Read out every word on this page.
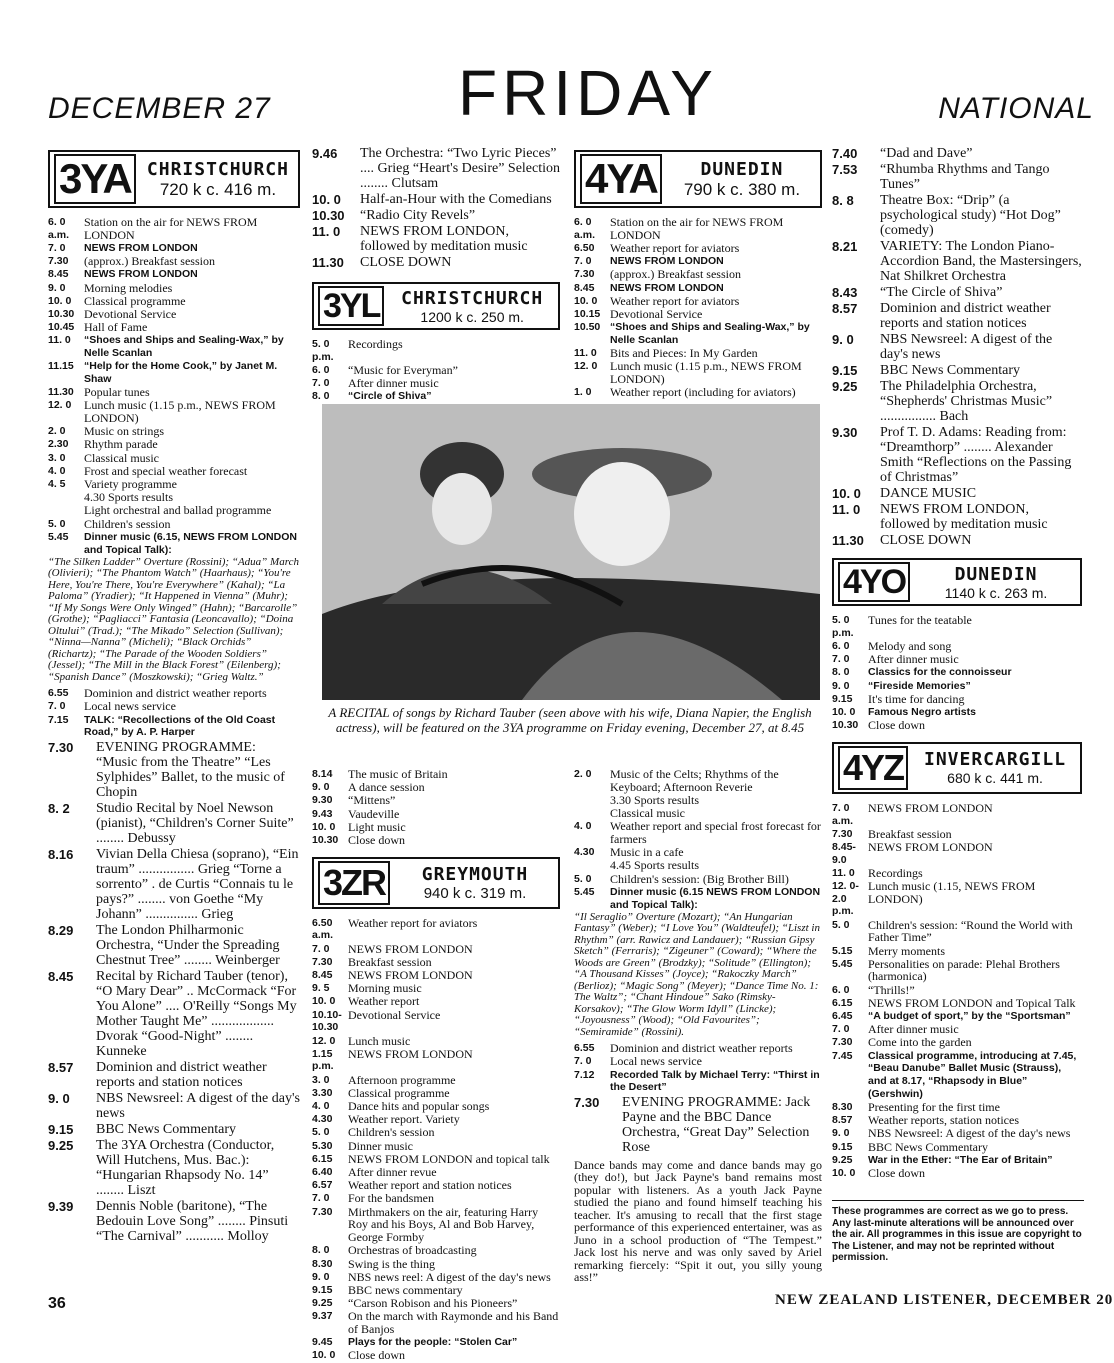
DECEMBER 27	FRIDAY	NATIONAL
3YA CHRISTCHURCH
720 k c. 416 m.
6. 0 a.m.
Station on the air for NEWS FROM LONDON
7. 0	NEWS FROM LONDON
7.30	(approx.) Breakfast session
8.45	NEWS FROM LONDON
9. 0	Morning melodies
10. 0	Classical programme
10.30 Devotional Service
10.45 Hall of Fame
11. 0	“Shoes and Ships and Sealing-Wax,” by Nelle Scanlan
11.15 “Help for the Home Cook,” by Janet M. Shaw
11.30 Popular tunes
12. 0	Lunch music (1.15 p.m., NEWS FROM LONDON)
2. 0	Music on strings
2.30	Rhythm parade
3. 0	Classical music
4. 0	Frost and special weather forecast
4. 5	Variety programme
4.30 Sports results
Light orchestral and ballad programme
5. 0	Children's session
5.45	Dinner music (6.15, NEWS FROM LONDON and Topical Talk):
“The Silken Ladder” Overture (Rossini); “Adua” March (Olivieri); “The Phantom Watch” (Haarhaus); “You're Here, You're There, You're Everywhere” (Kahal); “La Paloma” (Yradier); “It Happened in Vienna” (Muhr); “If My Songs Were Only Winged” (Hahn); “Barcarolle” (Grothe); “Pagliacci” Fantasia (Leoncavallo); “Doina Oltului” (Trad.); “The Mikado” Selection (Sullivan); “Ninna—Nanna” (Micheli); “Black Orchids” (Richartz); “The Parade of the Wooden Soldiers” (Jessel); “The Mill in the Black Forest” (Eilenberg); “Spanish Dance” (Moszkowski); “Grieg Waltz.”
6.55	Dominion and district weather reports
7. 0	Local news service
7.15	TALK: “Recollections of the Old Coast Road,” by A. P. Harper
7.30	EVENING PROGRAMME: “Music from the Theatre” “Les Sylphides” Ballet, to the music of Chopin
8. 2	Studio Recital by Noel Newson (pianist), “Children's Corner Suite” ........ Debussy
8.16	Vivian Della Chiesa (soprano), “Ein traum” ................ Grieg “Torne a sorrento” . de Curtis “Connais tu le pays?” ........ von Goethe “My Johann” ............... Grieg
8.29	The London Philharmonic Orchestra, “Under the Spreading Chestnut Tree” ........ Weinberger
8.45	Recital by Richard Tauber (tenor), “O Mary Dear” .. McCormack “For You Alone” .... O'Reilly “Songs My Mother Taught Me” .................. Dvorak “Good-Night” ........ Kunneke
8.57	Dominion and district weather reports and station notices
9. 0	NBS Newsreel: A digest of the day's news
9.15	BBC News Commentary
9.25	The 3YA Orchestra (Conductor, Will Hutchens, Mus. Bac.): “Hungarian Rhapsody No. 14” ........ Liszt
9.39	Dennis Noble (baritone), “The Bedouin Love Song” ........ Pinsuti “The Carnival” ........... Molloy
9.46	The Orchestra: “Two Lyric Pieces” .... Grieg “Heart's Desire” Selection ........ Clutsam
10. 0	Half-an-Hour with the Comedians
10.30	“Radio City Revels”
11. 0	NEWS FROM LONDON, followed by meditation music
11.30	CLOSE DOWN
3YL	CHRISTCHURCH
1200 k c. 250 m.
5. 0 p.m.
Recordings
6. 0	“Music for Everyman”
7. 0	After dinner music
8. 0	“Circle of Shiva”
4YA	DUNEDIN
790 k c. 380 m.
6. 0 a.m.
Station on the air for NEWS FROM LONDON
6.50	Weather report for aviators
7. 0	NEWS FROM LONDON
7.30	(approx.) Breakfast session
8.45	NEWS FROM LONDON
10. 0	Weather report for aviators
10.15 Devotional Service
10.50 “Shoes and Ships and Sealing-Wax,” by Nelle Scanlan
11. 0	Bits and Pieces: In My Garden
12. 0	Lunch music (1.15 p.m., NEWS FROM LONDON)
1. 0	Weather report (including for aviators)
A RECITAL of songs by Richard Tauber (seen above with his wife, Diana Napier, the English actress), will be featured on the 3YA programme on Friday evening, December 27, at 8.45
8.14	The music of Britain
9. 0	A dance session
9.30	“Mittens”
9.43	Vaudeville
10. 0	Light music
10.30 Close down
3ZR	GREYMOUTH
940 k c. 319 m.
6.50 a.m.
Weather report for aviators
7. 0	NEWS FROM LONDON
7.30	Breakfast session
8.45	NEWS FROM LONDON
9. 5	Morning music
10. 0	Weather report
10.10-10.30
Devotional Service
12. 0	Lunch music
1.15 p.m.
NEWS FROM LONDON
3. 0	Afternoon programme
3.30	Classical programme
4. 0	Dance hits and popular songs
4.30	Weather report. Variety
5. 0	Children's session
5.30	Dinner music
6.15	NEWS FROM LONDON and topical talk
6.40	After dinner revue
6.57	Weather report and station notices
7. 0	For the bandsmen
7.30	Mirthmakers on the air, featuring Harry Roy and his Boys, Al and Bob Harvey, George Formby
8. 0	Orchestras of broadcasting
8.30	Swing is the thing
9. 0	NBS news reel: A digest of the day's news
9.15	BBC news commentary
9.25	“Carson Robison and his Pioneers”
9.37	On the march with Raymonde and his Band of Banjos
9.45	Plays for the people: “Stolen Car”
10. 0	Close down
2. 0	Music of the Celts; Rhythms of the Keyboard; Afternoon Reverie
3.30 Sports results
Classical music
4. 0	Weather report and special frost forecast for farmers
4.30	Music in a cafe
4.45 Sports results
5. 0	Children's session: (Big Brother Bill)
5.45	Dinner music (6.15 NEWS FROM LONDON and Topical Talk):
“Il Seraglio” Overture (Mozart); “An Hungarian Fantasy” (Weber); “I Love You” (Waldteufel); “Liszt in Rhythm” (arr. Rawicz and Landauer); “Russian Gipsy Sketch” (Ferraris); “Zigeuner” (Coward); “Where the Woods are Green” (Brodzky); “Solitude” (Ellington); “A Thousand Kisses” (Joyce); “Rakoczky March” (Berlioz); “Magic Song” (Meyer); “Dance Time No. 1: The Waltz”; “Chant Hindoue” Sako (Rimsky-Korsakov); “The Glow Worm Idyll” (Lincke); “Joyousness” (Wood); “Old Favourites”; “Semiramide” (Rossini).
6.55	Dominion and district weather reports
7. 0	Local news service
7.12	Recorded Talk by Michael Terry: “Thirst in the Desert”
7.30	EVENING PROGRAMME: Jack Payne and the BBC Dance Orchestra, “Great Day” Selection Rose
Dance bands may come and dance bands may go (they do!), but Jack Payne's band remains most popular with listeners. As a youth Jack Payne studied the piano and found himself teaching his teacher. It's amusing to recall that the first stage performance of this experienced entertainer, was as Juno in a school production of “The Tempest.” Jack lost his nerve and was only saved by Ariel remarking fiercely: “Spit it out, you silly young ass!”
7.40	“Dad and Dave”
7.53	“Rhumba Rhythms and Tango Tunes”
8. 8	Theatre Box: “Drip” (a psychological study) “Hot Dog” (comedy)
8.21	VARIETY: The London Piano-Accordion Band, the Mastersingers, Nat Shilkret Orchestra
8.43	“The Circle of Shiva”
8.57	Dominion and district weather reports and station notices
9. 0	NBS Newsreel: A digest of the day's news
9.15	BBC News Commentary
9.25	The Philadelphia Orchestra, “Shepherds' Christmas Music” ................ Bach
9.30	Prof T. D. Adams: Reading from: “Dreamthorp” ........ Alexander Smith “Reflections on the Passing of Christmas”
10. 0	DANCE MUSIC
11. 0	NEWS FROM LONDON, followed by meditation music
11.30	CLOSE DOWN
4YO	DUNEDIN
1140 k c. 263 m.
5. 0 p.m.
Tunes for the teatable
6. 0	Melody and song
7. 0	After dinner music
8. 0	Classics for the connoisseur
9. 0	“Fireside Memories”
9.15	It's time for dancing
10. 0	Famous Negro artists
10.30 Close down
4YZ	INVERCARGILL
680 k c. 441 m.
7. 0 a.m.
NEWS FROM LONDON
7.30	Breakfast session
8.45-9.0
NEWS FROM LONDON
11. 0	Recordings
12. 0-2.0 p.m.
Lunch music (1.15, NEWS FROM LONDON)
5. 0	Children's session: “Round the World with Father Time”
5.15	Merry moments
5.45	Personalities on parade: Plehal Brothers (harmonica)
6. 0	“Thrills!”
6.15	NEWS FROM LONDON and Topical Talk
6.45	“A budget of sport,” by the “Sportsman”
7. 0	After dinner music
7.30	Come into the garden
7.45	Classical programme, introducing at 7.45, “Beau Danube” Ballet Music (Strauss), and at 8.17, “Rhapsody in Blue” (Gershwin)
8.30	Presenting for the first time
8.57	Weather reports, station notices
9. 0	NBS Newsreel: A digest of the day's news
9.15	BBC News Commentary
9.25	War in the Ether: “The Ear of Britain”
10. 0	Close down
These programmes are correct as we go to press. Any last-minute alterations will be announced over the air. All programmes in this issue are copyright to The Listener, and may not be reprinted without permission.
36	NEW ZEALAND LISTENER, DECEMBER 20
